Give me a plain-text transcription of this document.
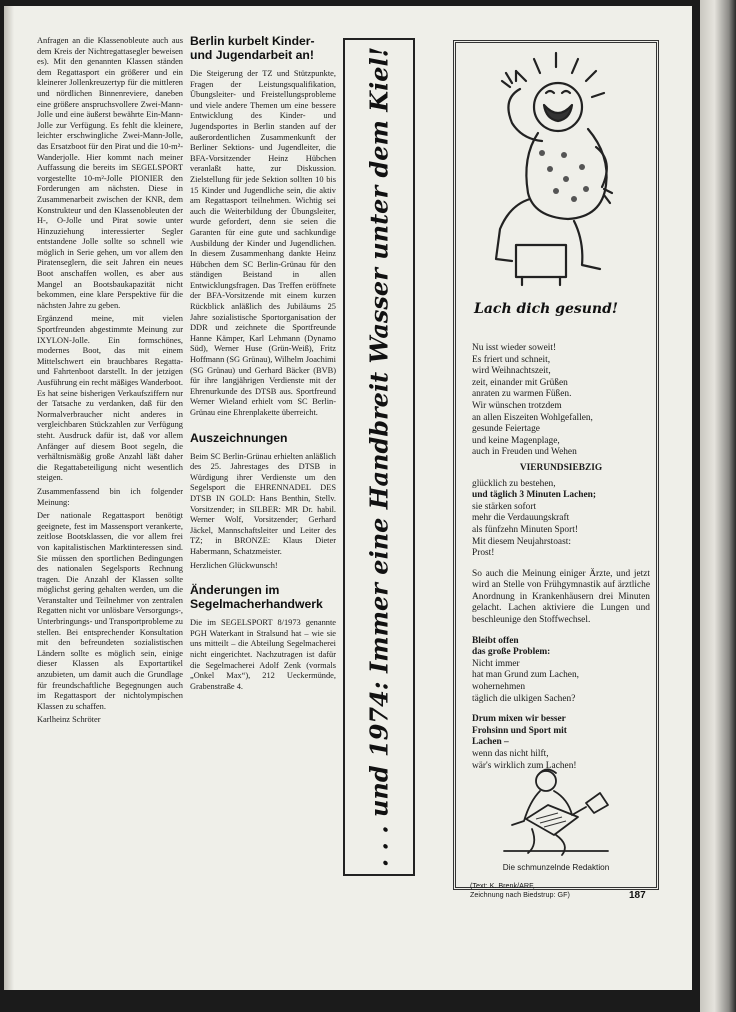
Anfragen an die Klassenobleute auch aus dem Kreis der Nichtregattasegler beweisen es). Mit den genannten Klassen ständen dem Regattasport ein größerer und ein kleinerer Jollenkreuzertyp für die mittleren und nördlichen Binnenreviere, daneben eine größere anspruchsvollere Zwei-Mann-Jolle und eine äußerst bewährte Ein-Mann-Jolle zur Verfügung. Es fehlt die kleinere, leichter erschwingliche Zwei-Mann-Jolle, das Ersatzboot für den Pirat und die 10-m²-Wanderjolle. Hier kommt nach meiner Auffassung die bereits im SEGELSPORT vorgestellte 10-m²-Jolle PIONIER den Forderungen am nächsten. Diese in Zusammenarbeit zwischen der KNR, dem Konstrukteur und den Klassenobleuten der H-, O-Jolle und Pirat sowie unter Hinzuziehung interessierter Segler entstandene Jolle sollte so schnell wie möglich in Serie gehen, um vor allem den Piratenseglern, die seit Jahren ein neues Boot anschaffen wollen, es aber aus Mangel an Bootsbaukapazität nicht bekommen, eine klare Perspektive für die nächsten Jahre zu geben.

Ergänzend meine, mit vielen Sportfreunden abgestimmte Meinung zur IXYLON-Jolle. Ein formschönes, modernes Boot, das mit einem Mittelschwert ein brauchbares Regatta- und Fahrtenboot darstellt. In der jetzigen Ausführung ein recht mäßiges Wanderboot. Es hat seine bisherigen Verkaufsziffern nur der Tatsache zu verdanken, daß für den Normalverbraucher nicht anderes in vergleichbaren Stückzahlen zur Verfügung steht. Ausdruck dafür ist, daß vor allem Anfänger auf diesem Boot segeln, die verhältnismäßig große Anzahl läßt daher die Regattabeteiligung nicht wesentlich steigen.

Zusammenfassend bin ich folgender Meinung:

Der nationale Regattasport benötigt geeignete, fest im Massensport verankerte, zeitlose Bootsklassen, die vor allem frei von kapitalistischen Marktinteressen sind. Sie müssen den sportlichen Bedingungen des nationalen Segelsports Rechnung tragen. Die Anzahl der Klassen sollte möglichst gering gehalten werden, um die Veranstalter und Teilnehmer von zentralen Regatten nicht vor unlösbare Versorgungs-, Unterbringungs- und Transportprobleme zu stellen. Bei entsprechender Konsultation mit den befreundeten sozialistischen Ländern sollte es möglich sein, einige dieser Klassen als Exportartikel anzubieten, um damit auch die Grundlage für freundschaftliche Begegnungen auch im Regattasport der nichtolympischen Klassen zu schaffen.

Karlheinz Schröter

Berlin kurbelt Kinder- und Jugendarbeit an!

Die Steigerung der TZ und Stützpunkte, Fragen der Leistungsqualifikation, Übungsleiter- und Freistellungsprobleme und viele andere Themen um eine bessere Entwicklung des Kinder- und Jugendsportes in Berlin standen auf der außerordentlichen Zusammenkunft der Berliner Sektions- und Jugendleiter, die BFA-Vorsitzender Heinz Hübchen veranlaßt hatte, zur Diskussion. Zielstellung für jede Sektion sollten 10 bis 15 Kinder und Jugendliche sein, die aktiv am Regattasport teilnehmen. Wichtig sei auch die Weiterbildung der Übungsleiter, wurde gefordert, denn sie seien die Garanten für eine gute und sachkundige Ausbildung der Kinder und Jugendlichen. In diesem Zusammenhang dankte Heinz Hübchen dem SC Berlin-Grünau für den ständigen Beistand in allen Entwicklungsfragen. Das Treffen eröffnete der BFA-Vorsitzende mit einem kurzen Rückblick anläßlich des Jubiläums 25 Jahre sozialistische Sportorganisation der DDR und zeichnete die Sportfreunde Hanne Kämper, Karl Lehmann (Dynamo Süd), Werner Huse (Grün-Weiß), Fritz Hoffmann (SG Grünau), Wilhelm Joachimi (SG Grünau) und Gerhard Bäcker (BVB) für ihre langjährigen Verdienste mit der Ehrenurkunde des DTSB aus. Sportfreund Werner Wieland erhielt vom SC Berlin-Grünau eine Ehrenplakette überreicht.

Auszeichnungen

Beim SC Berlin-Grünau erhielten anläßlich des 25. Jahrestages des DTSB in Würdigung ihrer Verdienste um den Segelsport die EHRENNADEL DES DTSB IN GOLD: Hans Benthin, Stellv. Vorsitzender; in SILBER: MR Dr. habil. Werner Wolf, Vorsitzender; Gerhard Jäckel, Mannschaftsleiter und Leiter des TZ; in BRONZE: Klaus Dieter Habermann, Schatzmeister.

Herzlichen Glückwunsch!

Änderungen im Segelmacherhandwerk

Die im SEGELSPORT 8/1973 genannte PGH Waterkant in Stralsund hat – wie sie uns mitteilt – die Abteilung Segelmacherei nicht eingerichtet. Nachzutragen ist dafür die Segelmacherei Adolf Zenk (vormals „Onkel Max“), 212 Ueckermünde, Grabenstraße 4.	. . . und 1974: Immer eine Handbreit Wasser unter dem Kiel!	Lach dich gesund!
Nu isst wieder soweit!
Es friert und schneit,
wird Weihnachtszeit,
zeit, einander mit Grüßen
anraten zu warmen Füßen.
Wir wünschen trotzdem
an allen Eiszeiten Wohlgefallen,
gesunde Feiertage
und keine Magenplage,
auch in Freuden und Wehen
VIERUNDSIEBZIG
glücklich zu bestehen,
und täglich 3 Minuten Lachen;
sie stärken sofort
mehr die Verdauungskraft
als fünfzehn Minuten Sport!
Mit diesem Neujahrstoast:
Prost!
So auch die Meinung einiger Ärzte, und jetzt wird an Stelle von Frühgymnastik auf ärztliche Anordnung in Krankenhäusern drei Minuten gelacht. Lachen aktiviere die Lungen und beschleunige den Stoffwechsel.
Bleibt offen
das große Problem:
Nicht immer
hat man Grund zum Lachen,
wohernehmen
täglich die ulkigen Sachen?
Drum mixen wir besser
Frohsinn und Sport mit
Lachen –
wenn das nicht hilft,
wär's wirklich zum Lachen!
Die schmunzelnde Redaktion
(Text: K. Brenk/ARF,
Zeichnung nach Biedstrup: GF)	187
